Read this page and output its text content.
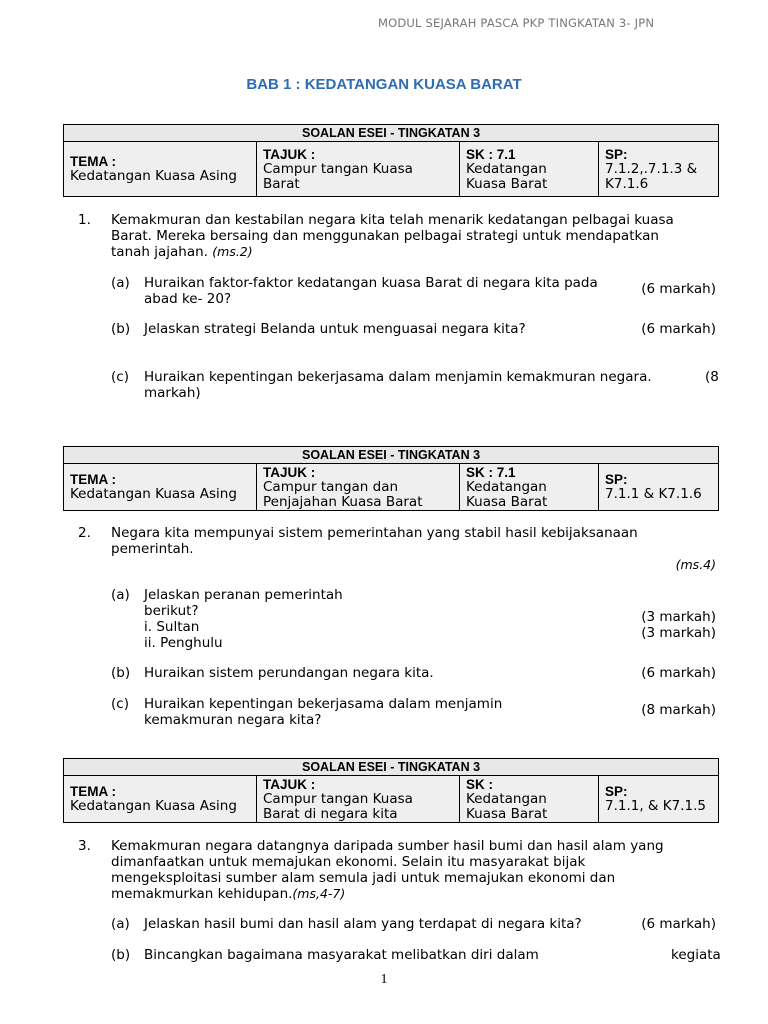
MODUL SEJARAH PASCA PKP TINGKATAN 3- JPN
BAB 1 : KEDATANGAN KUASA BARAT
SOALAN ESEI - TINGKATAN 3

TEMA :
Kedatangan Kuasa Asing

TAJUK :
Campur tangan Kuasa
Barat

SK : 7.1
Kedatangan
Kuasa Barat

SP:
7.1.2,.7.1.3 &
K7.1.6
1. Kemakmuran dan kestabilan negara kita telah menarik kedatangan pelbagai kuasa
Barat. Mereka bersaing dan menggunakan pelbagai strategi untuk mendapatkan
tanah jajahan. (ms.2)
(a) Huraikan faktor-faktor kedatangan kuasa Barat di negara kita pada
abad ke- 20?
(6 markah)
(b) Jelaskan strategi Belanda untuk menguasai negara kita?	(6 markah)
(c) Huraikan kepentingan bekerjasama dalam menjamin kemakmuran negara.
markah)
(8
SOALAN ESEI - TINGKATAN 3

TEMA :
Kedatangan Kuasa Asing

TAJUK :
Campur tangan dan
Penjajahan Kuasa Barat

SK : 7.1
Kedatangan
Kuasa Barat

SP:
7.1.1 & K7.1.6
2. Negara kita mempunyai sistem pemerintahan yang stabil hasil kebijaksanaan
pemerintah.
(ms.4)
(a) Jelaskan peranan pemerintah
berikut?
i. Sultan
ii. Penghulu
(3 markah)
(3 markah)
(b) Huraikan sistem perundangan negara kita.	(6 markah)
(c) Huraikan kepentingan bekerjasama dalam menjamin
kemakmuran negara kita?
(8 markah)
SOALAN ESEI - TINGKATAN 3

TEMA :
Kedatangan Kuasa Asing

TAJUK :
Campur tangan Kuasa
Barat di negara kita

SK :
Kedatangan
Kuasa Barat

SP:
7.1.1, & K7.1.5
3. Kemakmuran negara datangnya daripada sumber hasil bumi dan hasil alam yang
dimanfaatkan untuk memajukan ekonomi. Selain itu masyarakat bijak
mengeksploitasi sumber alam semula jadi untuk memajukan ekonomi dan
memakmurkan kehidupan.(ms,4-7)
(a) Jelaskan hasil bumi dan hasil alam yang terdapat di negara kita?	(6 markah)
(b) Bincangkan bagaimana masyarakat melibatkan diri dalam	kegiata
1
